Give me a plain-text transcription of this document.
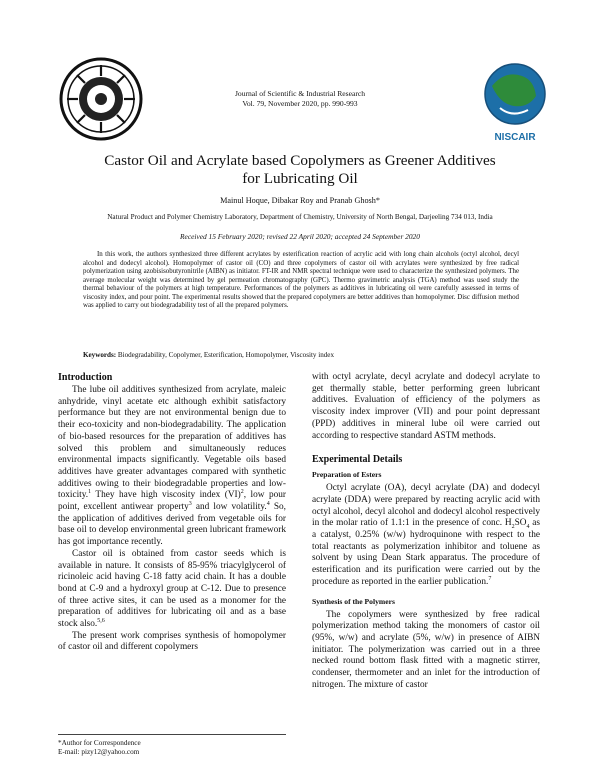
NISCAIR
Journal of Scientific & Industrial Research
Vol. 79, November 2020, pp. 990-993
Castor Oil and Acrylate based Copolymers as Greener Additives
for Lubricating Oil
Mainul Hoque, Dibakar Roy and Pranab Ghosh*
Natural Product and Polymer Chemistry Laboratory, Department of Chemistry, University of North Bengal, Darjeeling 734 013, India
Received 15 February 2020; revised 22 April 2020; accepted 24 September 2020

In this work, the authors synthesized three different acrylates by esterification reaction of acrylic acid with long chain alcohols (octyl alcohol, decyl alcohol and dodecyl alcohol). Homopolymer of castor oil (CO) and three copolymers of castor oil with acrylates were synthesized by free radical polymerization using azobisisobutyronitrile (AIBN) as initiator. FT-IR and NMR spectral technique were used to characterize the synthesized polymers. The average molecular weight was determined by gel permeation chromatography (GPC). Thermo gravimetric analysis (TGA) method was used study the thermal behaviour of the polymers at high temperature. Performances of the polymers as additives in lubricating oil were carefully assessed in terms of viscosity index, and pour point. The experimental results showed that the prepared copolymers are better additives than homopolymer. Disc diffusion method was applied to carry out biodegradability test of all the prepared polymers.

Keywords: Biodegradability, Copolymer, Esterification, Homopolymer, Viscosity index
Introduction

The lube oil additives synthesized from acrylate, maleic anhydride, vinyl acetate etc although exhibit satisfactory performance but they are not environmental benign due to their eco-toxicity and non-biodegradability. The application of bio-based resources for the preparation of additives has solved this problem and simultaneously reduces environmental impacts significantly. Vegetable oils based additives have greater advantages compared with synthetic additives owing to their biodegradable properties and low-toxicity.$^1$ They have high viscosity index (VI)$^2$, low pour point, excellent antiwear property$^3$ and low volatility.$^4$ So, the application of additives derived from vegetable oils for base oil to develop environmental green lubricant framework has got importance recently.

Castor oil is obtained from castor seeds which is available in nature. It consists of 85-95% triacylglycerol of ricinoleic acid having C-18 fatty acid chain. It has a double bond at C-9 and a hydroxyl group at C-12. Due to presence of three active sites, it can be used as a monomer for the preparation of additives for lubricating oil and as a base stock also.$^{5,6}$

The present work comprises synthesis of homopolymer of castor oil and different copolymers

with octyl acrylate, decyl acrylate and dodecyl acrylate to get thermally stable, better performing green lubricant additives. Evaluation of efficiency of the polymers as viscosity index improver (VII) and pour point depressant (PPD) additives in mineral lube oil were carried out according to respective standard ASTM methods.

Experimental Details
Preparation of Esters

Octyl acrylate (OA), decyl acrylate (DA) and dodecyl acrylate (DDA) were prepared by reacting acrylic acid with octyl alcohol, decyl alcohol and dodecyl alcohol respectively in the molar ratio of 1.1:1 in the presence of conc. $H_2SO_4$ as a catalyst, 0.25% (w/w) hydroquinone with respect to the total reactants as polymerization inhibitor and toluene as solvent by using Dean Stark apparatus. The procedure of esterification and its purification were carried out by the procedure as reported in the earlier publication.$^7$

Synthesis of the Polymers

The copolymers were synthesized by free radical polymerization method taking the monomers of castor oil (95%, w/w) and acrylate (5%, w/w) in presence of AIBN initiator. The polymerization was carried out in a three necked round bottom flask fitted with a magnetic stirrer, condenser, thermometer and an inlet for the introduction of nitrogen. The mixture of castor

*Author for Correspondence
E-mail: pizy12@yahoo.com
